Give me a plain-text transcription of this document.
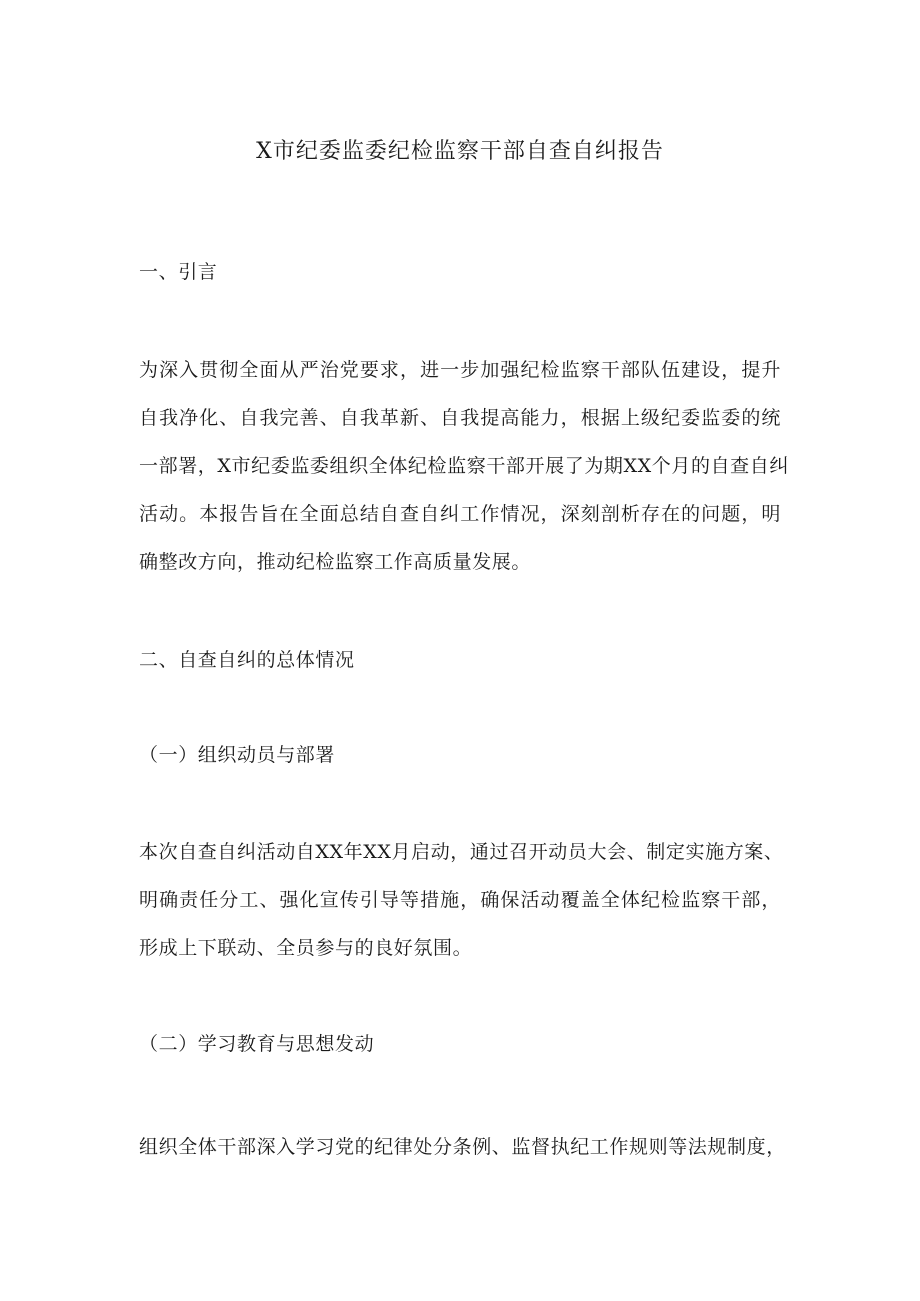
X市纪委监委纪检监察干部自查自纠报告
一、引言
为深入贯彻全面从严治党要求，进一步加强纪检监察干部队伍建设，提升
自我净化、自我完善、自我革新、自我提高能力，根据上级纪委监委的统
一部署，X市纪委监委组织全体纪检监察干部开展了为期XX个月的自查自纠
活动。本报告旨在全面总结自查自纠工作情况，深刻剖析存在的问题，明
确整改方向，推动纪检监察工作高质量发展。
二、自查自纠的总体情况
（一）组织动员与部署
本次自查自纠活动自XX年XX月启动，通过召开动员大会、制定实施方案、
明确责任分工、强化宣传引导等措施，确保活动覆盖全体纪检监察干部，
形成上下联动、全员参与的良好氛围。
（二）学习教育与思想发动
组织全体干部深入学习党的纪律处分条例、监督执纪工作规则等法规制度，
